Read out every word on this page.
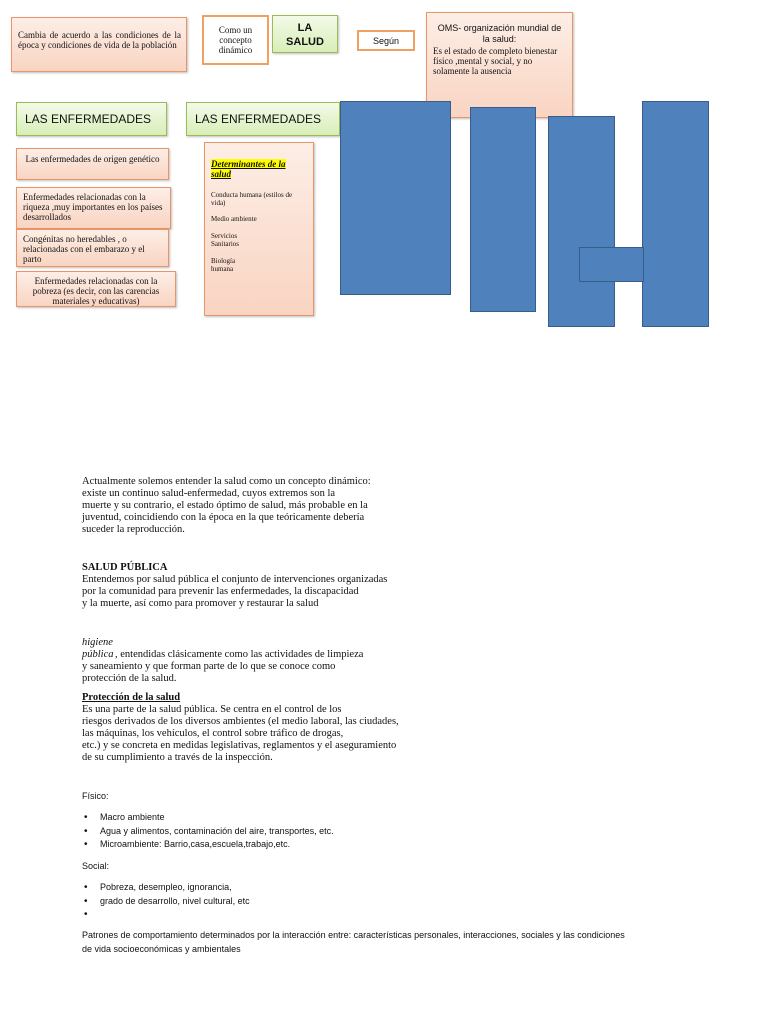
Cambia de acuerdo a las condiciones de la época y condiciones de vida de la población
Como un concepto dinámico
LA SALUD	Según
OMS- organización mundial de la salud:
Es el estado de completo bienestar físico ,mental y social, y no solamente la ausencia
LAS ENFERMEDADES	LAS ENFERMEDADES
Las enfermedades de origen genético
Enfermedades relacionadas con la riqueza ,muy importantes en los países desarrollados
Congénitas no heredables , o relacionadas con el embarazo y el parto
Enfermedades relacionadas con la pobreza (es decir, con las carencias materiales y educativas)
Determinantes de la salud
Conducta humana (estilos de vida)
Medio ambiente
Servicios Sanitarios
Biología humana
Actualmente solemos entender la salud como un concepto dinámico:
existe un continuo salud-enfermedad, cuyos extremos son la
muerte y su contrario, el estado óptimo de salud, más probable en la
juventud, coincidiendo con la época en la que teóricamente debería
suceder la reproducción.
SALUD PÚBLICA
Entendemos por salud pública el conjunto de intervenciones organizadas
por la comunidad para prevenir las enfermedades, la discapacidad
y la muerte, así como para promover y restaurar la salud
higiene
pública , entendidas clásicamente como las actividades de limpieza
y saneamiento y que forman parte de lo que se conoce como
protección de la salud.
Protección de la salud
Es una parte de la salud pública. Se centra en el control de los
riesgos derivados de los diversos ambientes (el medio laboral, las ciudades,
las máquinas, los vehículos, el control sobre tráfico de drogas,
etc.) y se concreta en medidas legislativas, reglamentos y el aseguramiento
de su cumplimiento a través de la inspección.
Físico:
• Macro ambiente
• Agua y alimentos, contaminación del aire, transportes, etc.
• Microambiente: Barrio,casa,escuela,trabajo,etc.
Social:
• Pobreza, desempleo, ignorancia,
• grado de desarrollo, nivel cultural, etc
•
Patrones de comportamiento determinados por la interacción entre: características personales, interacciones, sociales y las condiciones
de vida socioeconómicas y ambientales
